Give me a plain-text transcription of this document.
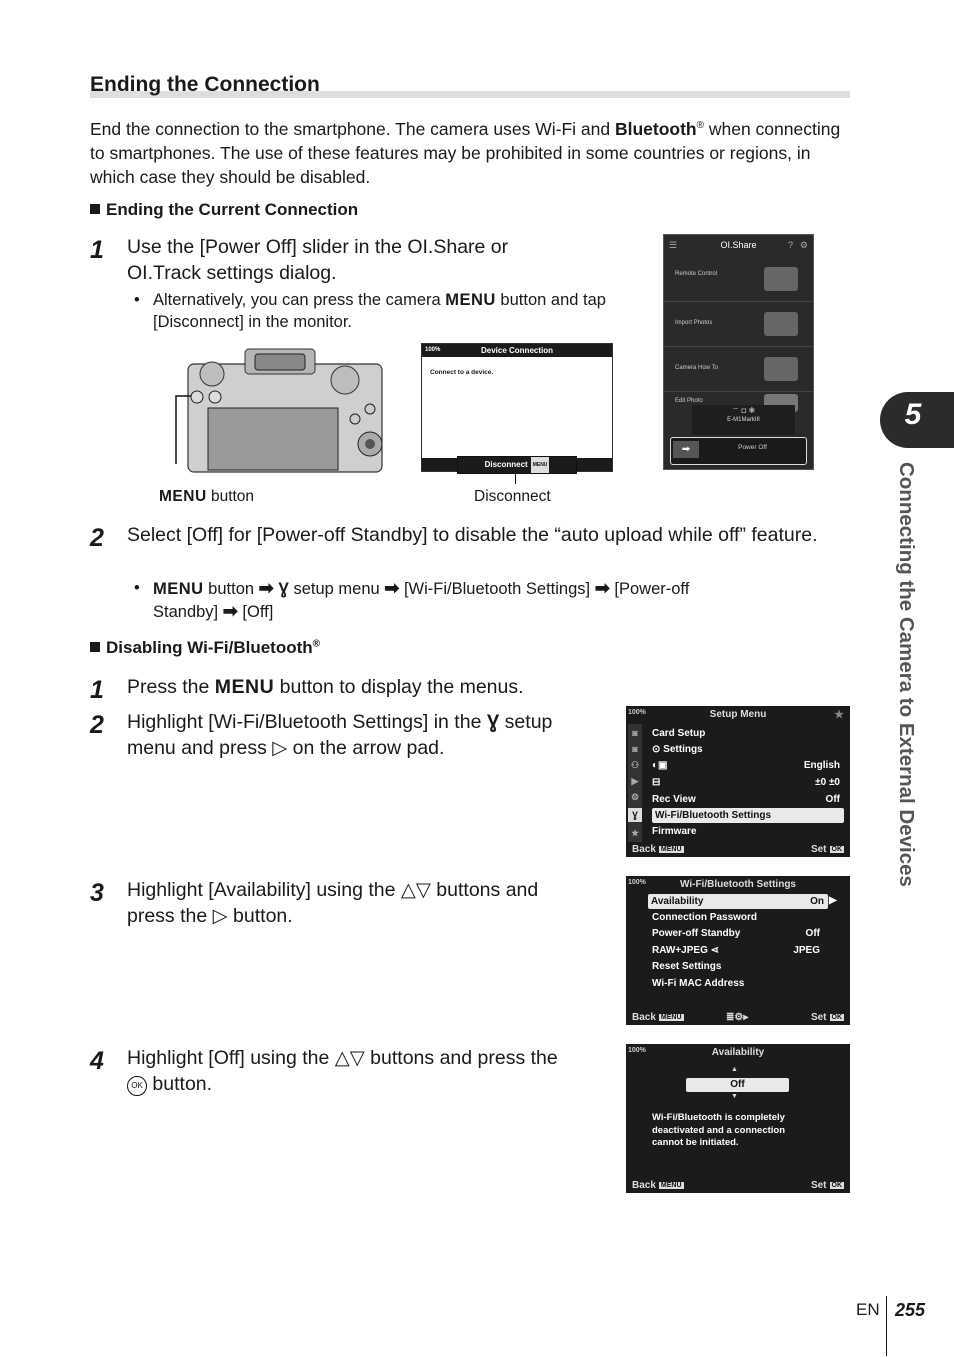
Ending the Connection
End the connection to the smartphone. The camera uses Wi-Fi and Bluetooth® when connecting to smartphones. The use of these features may be prohibited in some countries or regions, in which case they should be disabled.
Ending the Current Connection
1 Use the [Power Off] slider in the OI.Share or OI.Track settings dialog.
• Alternatively, you can press the camera MENU button and tap [Disconnect] in the monitor.
MENU button
100%	Device Connection
Connect to a device.
Disconnect MENU
Disconnect
☰	OI.Share	? ⚙
Remote Control
Import Photos
Camera How To
Edit Photo
⌔ ◘ ✱
E-M1MarkIII
➡	Power Off
2 Select [Off] for [Power-off Standby] to disable the “auto upload while off” feature.
• MENU button ➡ Ɣ setup menu ➡ [Wi-Fi/Bluetooth Settings] ➡ [Power-off
Standby] ➡ [Off]
Disabling Wi-Fi/Bluetooth®
1 Press the MENU button to display the menus.
2 Highlight [Wi-Fi/Bluetooth Settings] in the Ɣ setup
menu and press ▷ on the arrow pad.
100%	Setup Menu	★
◙
◙
⚇
▶
⚙
Ɣ
★
Card Setup
⊙ Settings
◐▣	English
⊟	±0 ±0
Rec View	Off
Wi-Fi/Bluetooth Settings
Firmware
Back MENU	Set OK
3 Highlight [Availability] using the △▽ buttons and
press the ▷ button.
100%	Wi-Fi/Bluetooth Settings
Availability	On ▶
Connection Password
Power-off Standby	Off
RAW+JPEG ⋖	JPEG
Reset Settings
Wi-Fi MAC Address
Back MENU	≣⚙▸	Set OK
4 Highlight [Off] using the △▽ buttons and press the
OK button.
100%	Availability
▲
Off
▼
Wi-Fi/Bluetooth is completely deactivated and a connection cannot be initiated.
Back MENU	Set OK
5
Connecting the Camera to External Devices
EN 255
